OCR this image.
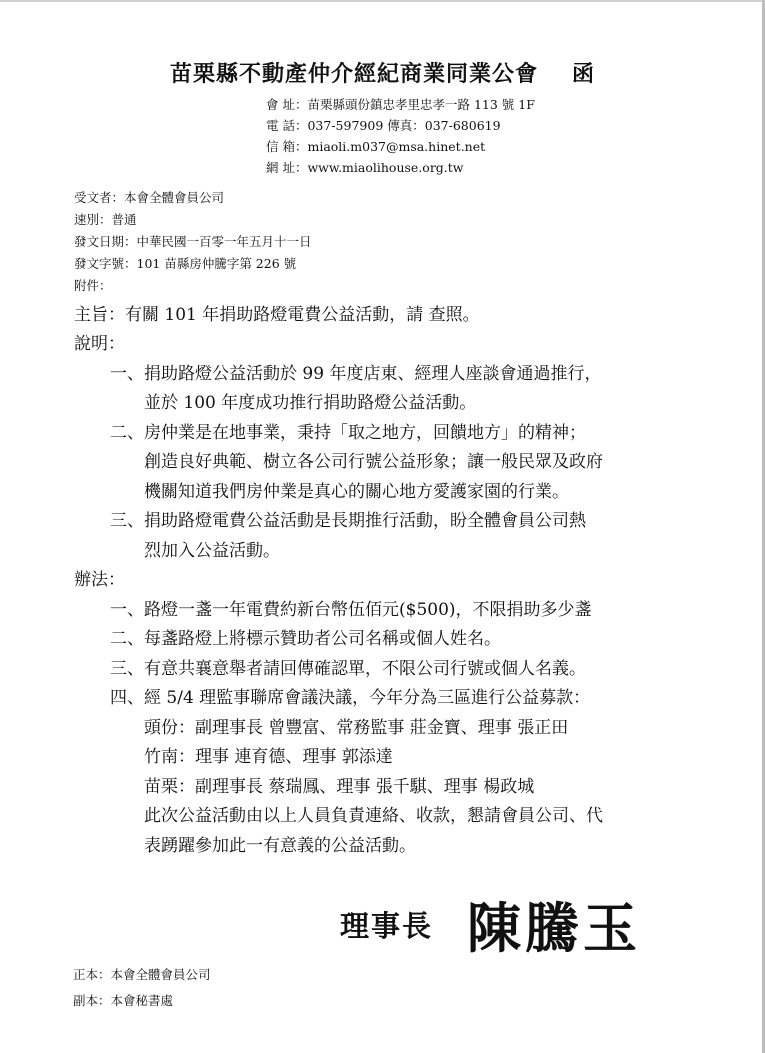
苗栗縣不動產仲介經紀商業同業公會 函
會 址：苗栗縣頭份鎮忠孝里忠孝一路 113 號 1F
電 話：037-597909 傳真：037-680619
信 箱：miaoli.m037@msa.hinet.net
網 址：www.miaolihouse.org.tw
受文者：本會全體會員公司
速別：普通
發文日期：中華民國一百零一年五月十一日
發文字號：101 苗縣房仲騰字第 226 號
附件：
主旨：有關 101 年捐助路燈電費公益活動，請 查照。
說明：
一、捐助路燈公益活動於 99 年度店東、經理人座談會通過推行，
並於 100 年度成功推行捐助路燈公益活動。
二、房仲業是在地事業，秉持「取之地方，回饋地方」的精神；
創造良好典範、樹立各公司行號公益形象；讓一般民眾及政府
機關知道我們房仲業是真心的關心地方愛護家園的行業。
三、捐助路燈電費公益活動是長期推行活動，盼全體會員公司熱
烈加入公益活動。
辦法：
一、路燈一盞一年電費約新台幣伍佰元($500)，不限捐助多少盞
二、每盞路燈上將標示贊助者公司名稱或個人姓名。
三、有意共襄意舉者請回傳確認單，不限公司行號或個人名義。
四、經 5/4 理監事聯席會議決議，今年分為三區進行公益募款：
頭份：副理事長 曾豐富、常務監事 莊金寶、理事 張正田
竹南：理事 連育德、理事 郭添達
苗栗：副理事長 蔡瑞鳳、理事 張千騏、理事 楊政城
此次公益活動由以上人員負責連絡、收款，懇請會員公司、代
表踴躍參加此一有意義的公益活動。
理事長 陳騰玉
正本：本會全體會員公司
副本：本會秘書處
